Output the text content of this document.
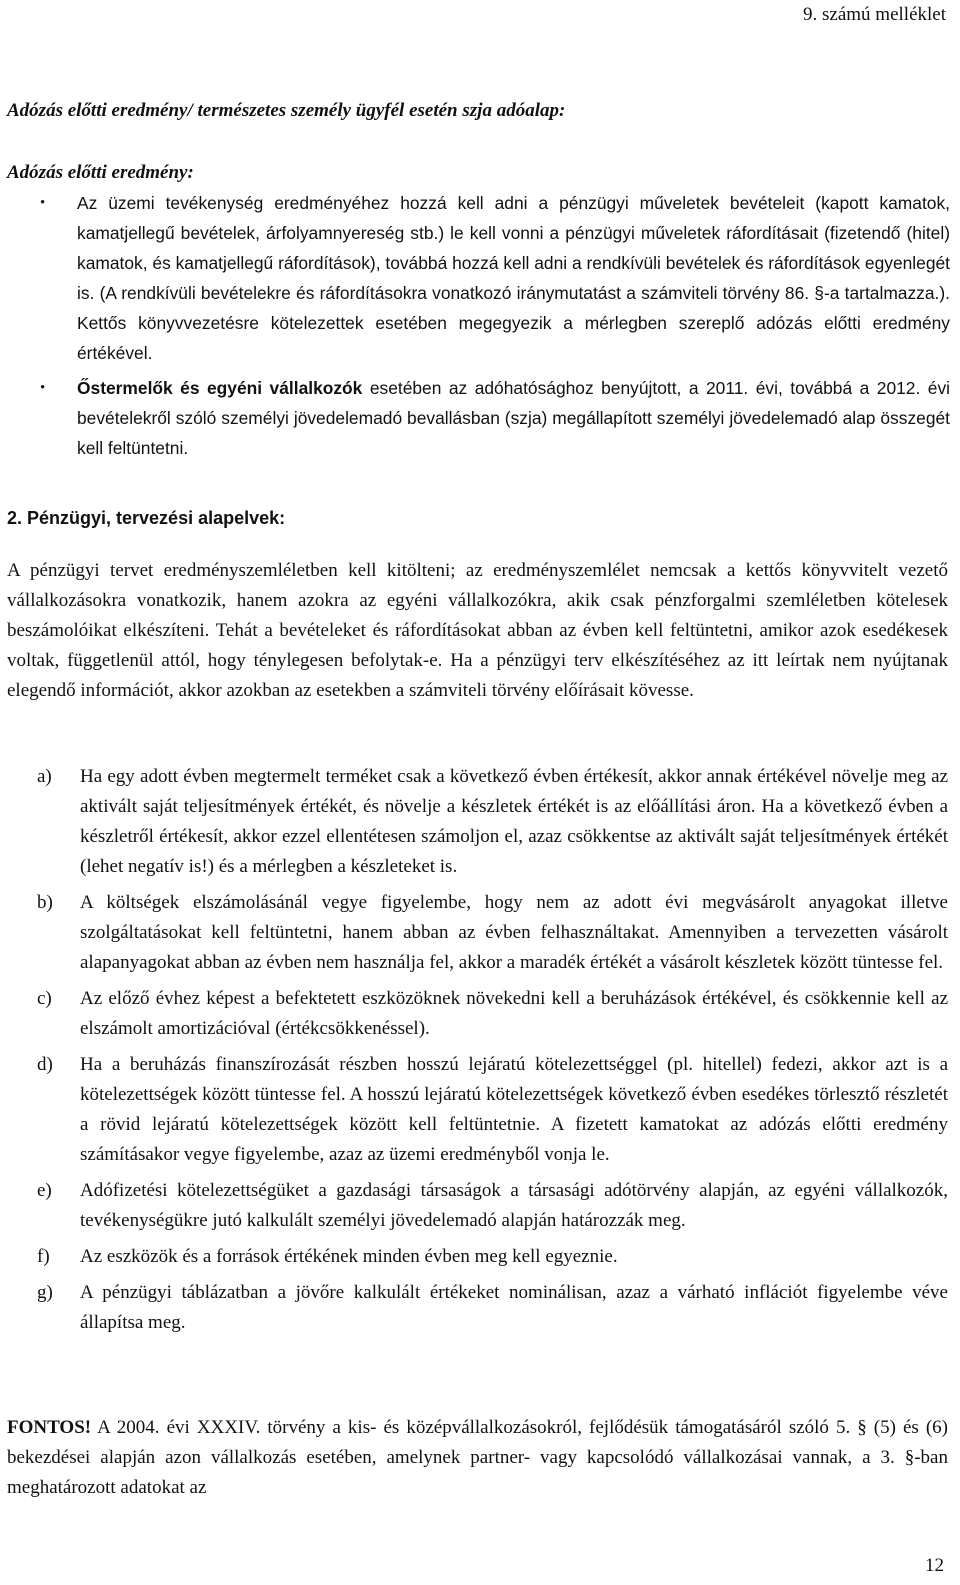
9. számú melléklet
Adózás előtti eredmény/ természetes személy ügyfél esetén szja adóalap:
Adózás előtti eredmény:
• Az üzemi tevékenység eredményéhez hozzá kell adni a pénzügyi műveletek bevételeit (kapott kamatok, kamatjellegű bevételek, árfolyamnyereség stb.) le kell vonni a pénzügyi műveletek ráfordításait (fizetendő (hitel) kamatok, és kamatjellegű ráfordítások), továbbá hozzá kell adni a rendkívüli bevételek és ráfordítások egyenlegét is. (A rendkívüli bevételekre és ráfordításokra vonatkozó iránymutatást a számviteli törvény 86. §-a tartalmazza.). Kettős könyvvezetésre kötelezettek esetében megegyezik a mérlegben szereplő adózás előtti eredmény értékével.
• Őstermelők és egyéni vállalkozók esetében az adóhatósághoz benyújtott, a 2011. évi, továbbá a 2012. évi bevételekről szóló személyi jövedelemadó bevallásban (szja) megállapított személyi jövedelemadó alap összegét kell feltüntetni.
2. Pénzügyi, tervezési alapelvek:

A pénzügyi tervet eredményszemléletben kell kitölteni; az eredményszemlélet nemcsak a kettős könyvvitelt vezető vállalkozásokra vonatkozik, hanem azokra az egyéni vállalkozókra, akik csak pénzforgalmi szemléletben kötelesek beszámolóikat elkészíteni. Tehát a bevételeket és ráfordításokat abban az évben kell feltüntetni, amikor azok esedékesek voltak, függetlenül attól, hogy ténylegesen befolytak-e. Ha a pénzügyi terv elkészítéséhez az itt leírtak nem nyújtanak elegendő információt, akkor azokban az esetekben a számviteli törvény előírásait kövesse.

a) Ha egy adott évben megtermelt terméket csak a következő évben értékesít, akkor annak értékével növelje meg az aktivált saját teljesítmények értékét, és növelje a készletek értékét is az előállítási áron. Ha a következő évben a készletről értékesít, akkor ezzel ellentétesen számoljon el, azaz csökkentse az aktivált saját teljesítmények értékét (lehet negatív is!) és a mérlegben a készleteket is.
b) A költségek elszámolásánál vegye figyelembe, hogy nem az adott évi megvásárolt anyagokat illetve szolgáltatásokat kell feltüntetni, hanem abban az évben felhasználtakat. Amennyiben a tervezetten vásárolt alapanyagokat abban az évben nem használja fel, akkor a maradék értékét a vásárolt készletek között tüntesse fel.
c) Az előző évhez képest a befektetett eszközöknek növekedni kell a beruházások értékével, és csökkennie kell az elszámolt amortizációval (értékcsökkenéssel).
d) Ha a beruházás finanszírozását részben hosszú lejáratú kötelezettséggel (pl. hitellel) fedezi, akkor azt is a kötelezettségek között tüntesse fel. A hosszú lejáratú kötelezettségek következő évben esedékes törlesztő részletét a rövid lejáratú kötelezettségek között kell feltüntetnie. A fizetett kamatokat az adózás előtti eredmény számításakor vegye figyelembe, azaz az üzemi eredményből vonja le.
e) Adófizetési kötelezettségüket a gazdasági társaságok a társasági adótörvény alapján, az egyéni vállalkozók, tevékenységükre jutó kalkulált személyi jövedelemadó alapján határozzák meg.
f) Az eszközök és a források értékének minden évben meg kell egyeznie.
g) A pénzügyi táblázatban a jövőre kalkulált értékeket nominálisan, azaz a várható inflációt figyelembe véve állapítsa meg.

FONTOS! A 2004. évi XXXIV. törvény a kis- és középvállalkozásokról, fejlődésük támogatásáról szóló 5. § (5) és (6) bekezdései alapján azon vállalkozás esetében, amelynek partner- vagy kapcsolódó vállalkozásai vannak, a 3. §-ban meghatározott adatokat az

12
